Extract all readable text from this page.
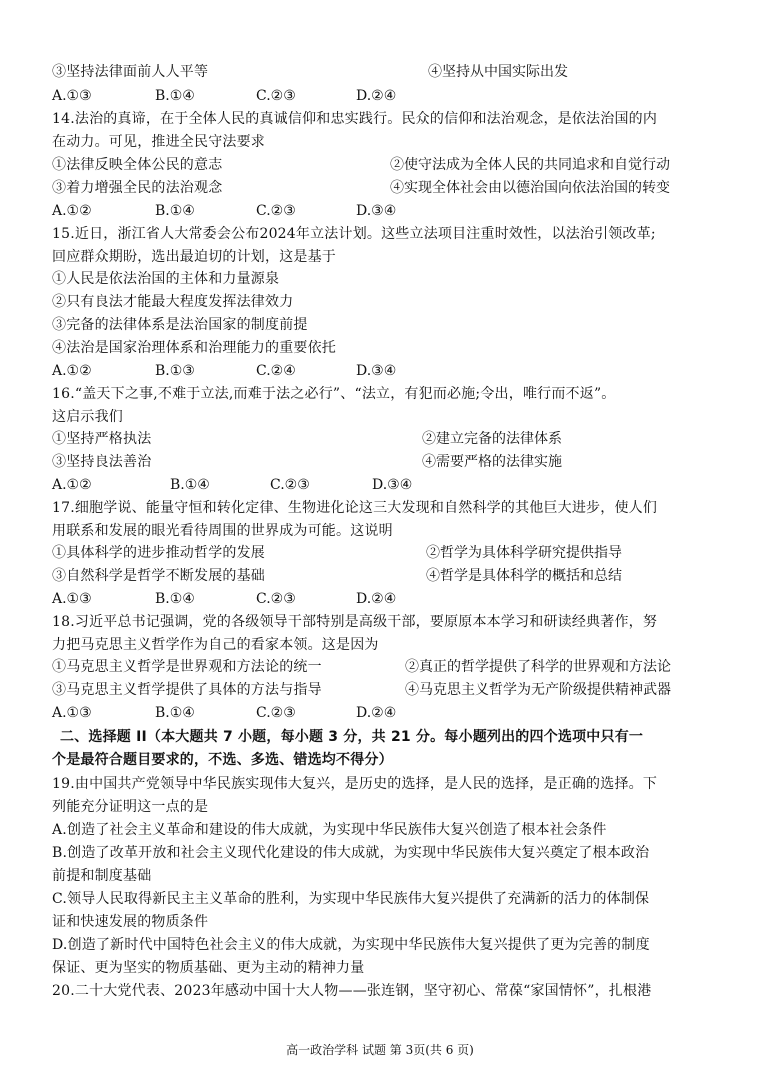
③坚持法律面前人人平等	④坚持从中国实际出发
A.①③	B.①④	C.②③	D.②④
14.法治的真谛，在于全体人民的真诚信仰和忠实践行。民众的信仰和法治观念，是依法治国的内
在动力。可见，推进全民守法要求
①法律反映全体公民的意志	②使守法成为全体人民的共同追求和自觉行动
③着力增强全民的法治观念	④实现全体社会由以德治国向依法治国的转变
A.①②	B.①④	C.②③	D.③④
15.近日，浙江省人大常委会公布2024年立法计划。这些立法项目注重时效性，以法治引领改革;
回应群众期盼，选出最迫切的计划，这是基于
①人民是依法治国的主体和力量源泉
②只有良法才能最大程度发挥法律效力
③完备的法律体系是法治国家的制度前提
④法治是国家治理体系和治理能力的重要依托
A.①②	B.①③	C.②④	D.③④
16.“盖天下之事,不难于立法,而难于法之必行”、“法立，有犯而必施;令出，唯行而不返”。
这启示我们
①坚持严格执法	②建立完备的法律体系
③坚持良法善治	④需要严格的法律实施
A.①②	B.①④	C.②③	D.③④
17.细胞学说、能量守恒和转化定律、生物进化论这三大发现和自然科学的其他巨大进步，使人们
用联系和发展的眼光看待周围的世界成为可能。这说明
①具体科学的进步推动哲学的发展	②哲学为具体科学研究提供指导
③自然科学是哲学不断发展的基础	④哲学是具体科学的概括和总结
A.①③	B.①④	C.②③	D.②④
18.习近平总书记强调，党的各级领导干部特别是高级干部，要原原本本学习和研读经典著作，努
力把马克思主义哲学作为自己的看家本领。这是因为
①马克思主义哲学是世界观和方法论的统一	②真正的哲学提供了科学的世界观和方法论
③马克思主义哲学提供了具体的方法与指导	④马克思主义哲学为无产阶级提供精神武器
A.①③	B.①④	C.②③	D.②④
二、选择题 II（本大题共 7 小题，每小题 3 分，共 21 分。每小题列出的四个选项中只有一
个是最符合题目要求的，不选、多选、错选均不得分）
19.由中国共产党领导中华民族实现伟大复兴，是历史的选择，是人民的选择，是正确的选择。下
列能充分证明这一点的是
A.创造了社会主义革命和建设的伟大成就，为实现中华民族伟大复兴创造了根本社会条件
B.创造了改革开放和社会主义现代化建设的伟大成就，为实现中华民族伟大复兴奠定了根本政治
前提和制度基础
C.领导人民取得新民主主义革命的胜利，为实现中华民族伟大复兴提供了充满新的活力的体制保
证和快速发展的物质条件
D.创造了新时代中国特色社会主义的伟大成就，为实现中华民族伟大复兴提供了更为完善的制度
保证、更为坚实的物质基础、更为主动的精神力量
20.二十大党代表、2023年感动中国十大人物——张连钢，坚守初心、常葆“家国情怀”，扎根港
高一政治学科 试题 第 3页(共 6 页)
